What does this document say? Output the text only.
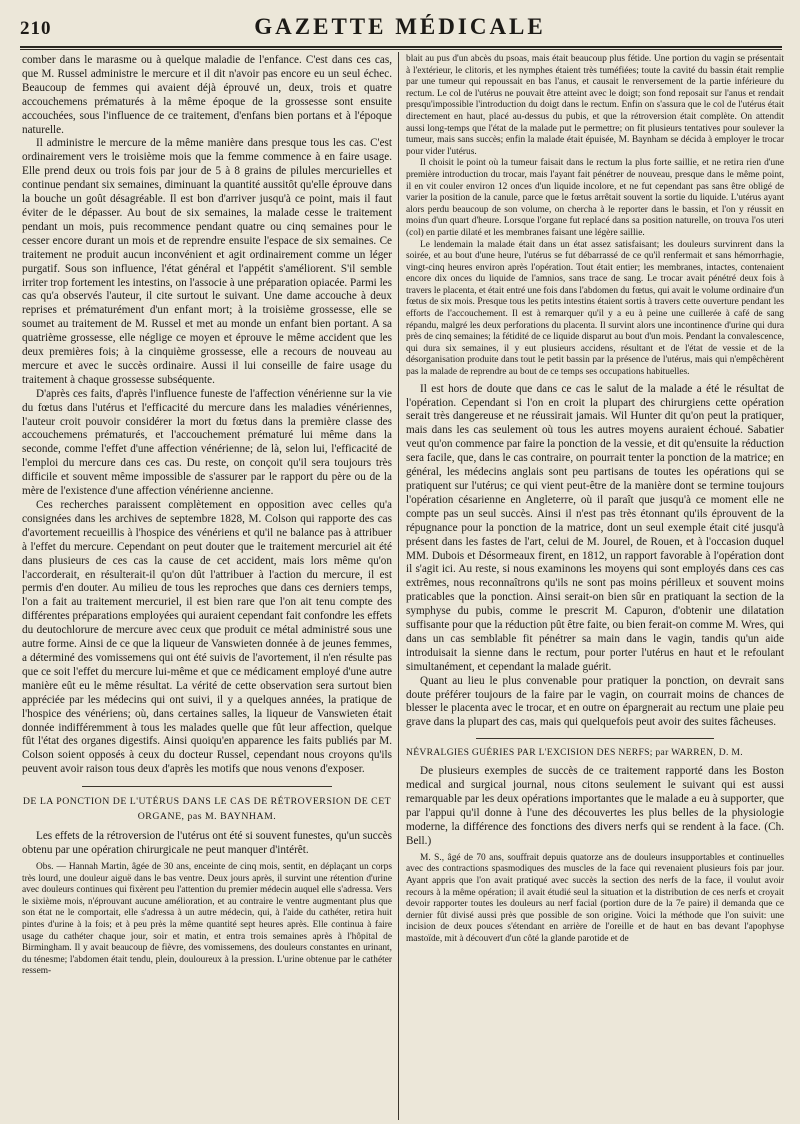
210	GAZETTE MÉDICALE

comber dans le marasme ou à quelque maladie de l'enfance. C'est dans ces cas, que M. Russel administre le mercure et il dit n'avoir pas encore eu un seul échec. Beaucoup de femmes qui avaient déjà éprouvé un, deux, trois et quatre accouchemens prématurés à la même époque de la grossesse sont ensuite accouchées, sous l'influence de ce traitement, d'enfans bien portans et à l'époque naturelle.

Il administre le mercure de la même manière dans presque tous les cas. C'est ordinairement vers le troisième mois que la femme commence à en faire usage. Elle prend deux ou trois fois par jour de 5 à 8 grains de pilules mercurielles et continue pendant six semaines, diminuant la quantité aussitôt qu'elle éprouve dans la bouche un goût désagréable. Il est bon d'arriver jusqu'à ce point, mais il faut éviter de le dépasser. Au bout de six semaines, la malade cesse le traitement pendant un mois, puis recommence pendant quatre ou cinq semaines pour le cesser encore durant un mois et de reprendre ensuite l'espace de six semaines. Ce traitement ne produit aucun inconvénient et agit ordinairement comme un léger purgatif. Sous son influence, l'état général et l'appétit s'améliorent. S'il semble irriter trop fortement les intestins, on l'associe à une préparation opiacée. Parmi les cas qu'a observés l'auteur, il cite surtout le suivant. Une dame accouche à deux reprises et prématurément d'un enfant mort; à la troisième grossesse, elle se soumet au traitement de M. Russel et met au monde un enfant bien portant. A sa quatrième grossesse, elle néglige ce moyen et éprouve le même accident que les deux premières fois; à la cinquième grossesse, elle a recours de nouveau au mercure et avec le succès ordinaire. Aussi il lui conseille de faire usage du traitement à chaque grossesse subséquente.

D'après ces faits, d'après l'influence funeste de l'affection vénérienne sur la vie du fœtus dans l'utérus et l'efficacité du mercure dans les maladies vénériennes, l'auteur croit pouvoir considérer la mort du fœtus dans la première classe des accouchemens prématurés, et l'accouchement prématuré lui même dans la seconde, comme l'effet d'une affection vénérienne; de là, selon lui, l'efficacité de l'emploi du mercure dans ces cas. Du reste, on conçoit qu'il sera toujours très difficile et souvent même impossible de s'assurer par le rapport du père ou de la mère de l'existence d'une affection vénérienne ancienne.

Ces recherches paraissent complètement en opposition avec celles qu'a consignées dans les archives de septembre 1828, M. Colson qui rapporte des cas d'avortement recueillis à l'hospice des vénériens et qu'il ne balance pas à attribuer à l'effet du mercure. Cependant on peut douter que le traitement mercuriel ait été dans plusieurs de ces cas la cause de cet accident, mais lors même qu'on l'accorderait, en résulterait-il qu'on dût l'attribuer à l'action du mercure, il est permis d'en douter. Au milieu de tous les reproches que dans ces derniers temps, l'on a fait au traitement mercuriel, il est bien rare que l'on ait tenu compte des différentes préparations employées qui auraient cependant fait confondre les effets du deutochlorure de mercure avec ceux que produit ce métal administré sous une autre forme. Ainsi de ce que la liqueur de Vanswieten donnée à de jeunes femmes, a déterminé des vomissemens qui ont été suivis de l'avortement, il n'en résulte pas que ce soit l'effet du mercure lui-même et que ce médicament employé d'une autre manière eût eu le même résultat. La vérité de cette observation sera surtout bien appréciée par les médecins qui ont suivi, il y a quelques années, la pratique de l'hospice des vénériens; où, dans certaines salles, la liqueur de Vanswieten était donnée indifféremment à tous les malades quelle que fût leur affection, quelque fût l'état des organes digestifs. Ainsi quoiqu'en apparence les faits publiés par M. Colson soient opposés à ceux du docteur Russel, cependant nous croyons qu'ils peuvent avoir raison tous deux d'après les motifs que nous venons d'exposer.

DE LA PONCTION DE L'UTÉRUS DANS LE CAS DE RÉTROVERSION DE CET ORGANE, pas M. BAYNHAM.

Les effets de la rétroversion de l'utérus ont été si souvent funestes, qu'un succès obtenu par une opération chirurgicale ne peut manquer d'intérêt.

Obs. — Hannah Martin, âgée de 30 ans, enceinte de cinq mois, sentit, en déplaçant un corps très lourd, une douleur aiguë dans le bas ventre. Deux jours après, il survint une rétention d'urine avec douleurs continues qui fixèrent peu l'attention du premier médecin auquel elle s'adressa. Vers le sixième mois, n'éprouvant aucune amélioration, et au contraire le ventre augmentant plus que son état ne le comportait, elle s'adressa à un autre médecin, qui, à l'aide du cathéter, retira huit pintes d'urine à la fois; et à peu près la même quantité sept heures après. Elle continua à faire usage du cathéter chaque jour, soir et matin, et entra trois semaines après à l'hôpital de Birmingham. Il y avait beaucoup de fièvre, des vomissemens, des douleurs constantes en urinant, du ténesme; l'abdomen était tendu, plein, douloureux à la pression. L'urine obtenue par le cathéter ressem-

blait au pus d'un abcès du psoas, mais était beaucoup plus fétide. Une portion du vagin se présentait à l'extérieur, le clitoris, et les nymphes étaient très tuméfiées; toute la cavité du bassin était remplie par une tumeur qui repoussait en bas l'anus, et causait le renversement de la partie inférieure du rectum. Le col de l'utérus ne pouvait être atteint avec le doigt; son fond reposait sur l'anus et rendait presqu'impossible l'introduction du doigt dans le rectum. Enfin on s'assura que le col de l'utérus était directement en haut, placé au-dessus du pubis, et que la rétroversion était complète. On attendit aussi long-temps que l'état de la malade put le permettre; on fit plusieurs tentatives pour soulever la tumeur, mais sans succès; enfin la malade était épuisée, M. Baynham se décida à employer le trocar pour vider l'utérus.

Il choisit le point où la tumeur faisait dans le rectum la plus forte saillie, et ne retira rien d'une première introduction du trocar, mais l'ayant fait pénétrer de nouveau, presque dans le même point, il en vit couler environ 12 onces d'un liquide incolore, et ne fut cependant pas sans être obligé de varier la position de la canule, parce que le fœtus arrêtait souvent la sortie du liquide. L'utérus ayant alors perdu beaucoup de son volume, on chercha à le reporter dans le bassin, et l'on y réussit en moins d'un quart d'heure. Lorsque l'organe fut replacé dans sa position naturelle, on trouva l'os uteri (col) en partie dilaté et les membranes faisant une légère saillie.

Le lendemain la malade était dans un état assez satisfaisant; les douleurs survinrent dans la soirée, et au bout d'une heure, l'utérus se fut débarrassé de ce qu'il renfermait et sans hémorrhagie, vingt-cinq heures environ après l'opération. Tout était entier; les membranes, intactes, contenaient encore dix onces du liquide de l'amnios, sans trace de sang. Le trocar avait pénétré deux fois à travers le placenta, et était entré une fois dans l'abdomen du fœtus, qui avait le volume ordinaire d'un fœtus de six mois. Presque tous les petits intestins étaient sortis à travers cette ouverture pendant les efforts de l'accouchement. Il est à remarquer qu'il y a eu à peine une cuillerée à café de sang répandu, malgré les deux perforations du placenta. Il survint alors une incontinence d'urine qui dura près de cinq semaines; la fétidité de ce liquide disparut au bout d'un mois. Pendant la convalescence, qui dura six semaines, il y eut plusieurs accidens, résultant et de l'état de vessie et de la désorganisation produite dans tout le petit bassin par la présence de l'utérus, mais qui n'empêchèrent pas la malade de reprendre au bout de ce temps ses occupations habituelles.

Il est hors de doute que dans ce cas le salut de la malade a été le résultat de l'opération. Cependant si l'on en croit la plupart des chirurgiens cette opération serait très dangereuse et ne réussirait jamais. Wil Hunter dit qu'on peut la pratiquer, mais dans les cas seulement où tous les autres moyens auraient échoué. Sabatier veut qu'on commence par faire la ponction de la vessie, et dit qu'ensuite la réduction sera facile, que, dans le cas contraire, on pourrait tenter la ponction de la matrice; en général, les médecins anglais sont peu partisans de toutes les opérations qui se pratiquent sur l'utérus; ce qui vient peut-être de la manière dont se termine toujours l'opération césarienne en Angleterre, où il paraît que jusqu'à ce moment elle ne compte pas un seul succès. Ainsi il n'est pas très étonnant qu'ils éprouvent de la répugnance pour la ponction de la matrice, dont un seul exemple était cité jusqu'à présent dans les fastes de l'art, celui de M. Jourel, de Rouen, et à l'occasion duquel MM. Dubois et Désormeaux firent, en 1812, un rapport favorable à l'opération dont il s'agit ici. Au reste, si nous examinons les moyens qui sont employés dans ces cas extrêmes, nous reconnaîtrons qu'ils ne sont pas moins périlleux et souvent moins praticables que la ponction. Ainsi serait-on bien sûr en pratiquant la section de la symphyse du pubis, comme le prescrit M. Capuron, d'obtenir une dilatation suffisante pour que la réduction pût être faite, ou bien ferait-on comme M. Wres, qui dans un cas semblable fit pénétrer sa main dans le vagin, tandis qu'un aide introduisait la sienne dans le rectum, pour porter l'utérus en haut et le refoulant simultanément, et cependant la malade guérit.

Quant au lieu le plus convenable pour pratiquer la ponction, on devrait sans doute préférer toujours de la faire par le vagin, on courrait moins de chances de blesser le placenta avec le trocar, et en outre on épargnerait au rectum une plaie peu grave dans la plupart des cas, mais qui quelquefois peut avoir des suites fâcheuses.

NÉVRALGIES GUÉRIES PAR L'EXCISION DES NERFS; par WARREN, D. M.

De plusieurs exemples de succès de ce traitement rapporté dans les Boston medical and surgical journal, nous citons seulement le suivant qui est aussi remarquable par les deux opérations importantes que le malade a eu à supporter, que par l'appui qu'il donne à l'une des découvertes les plus belles de la physiologie moderne, la différence des fonctions des divers nerfs qui se rendent à la face. (Ch. Bell.)

M. S., âgé de 70 ans, souffrait depuis quatorze ans de douleurs insupportables et continuelles avec des contractions spasmodiques des muscles de la face qui revenaient plusieurs fois par jour. Ayant appris que l'on avait pratiqué avec succès la section des nerfs de la face, il voulut avoir recours à la même opération; il avait étudié seul la situation et la distribution de ces nerfs et croyait devoir rapporter toutes les douleurs au nerf facial (portion dure de la 7e paire) il demanda que ce dernier fût divisé aussi près que possible de son origine. Voici la méthode que l'on suivit: une incision de deux pouces s'étendant en arrière de l'oreille et de haut en bas devant l'apophyse mastoïde, mit à découvert d'un côté la glande parotide et de
